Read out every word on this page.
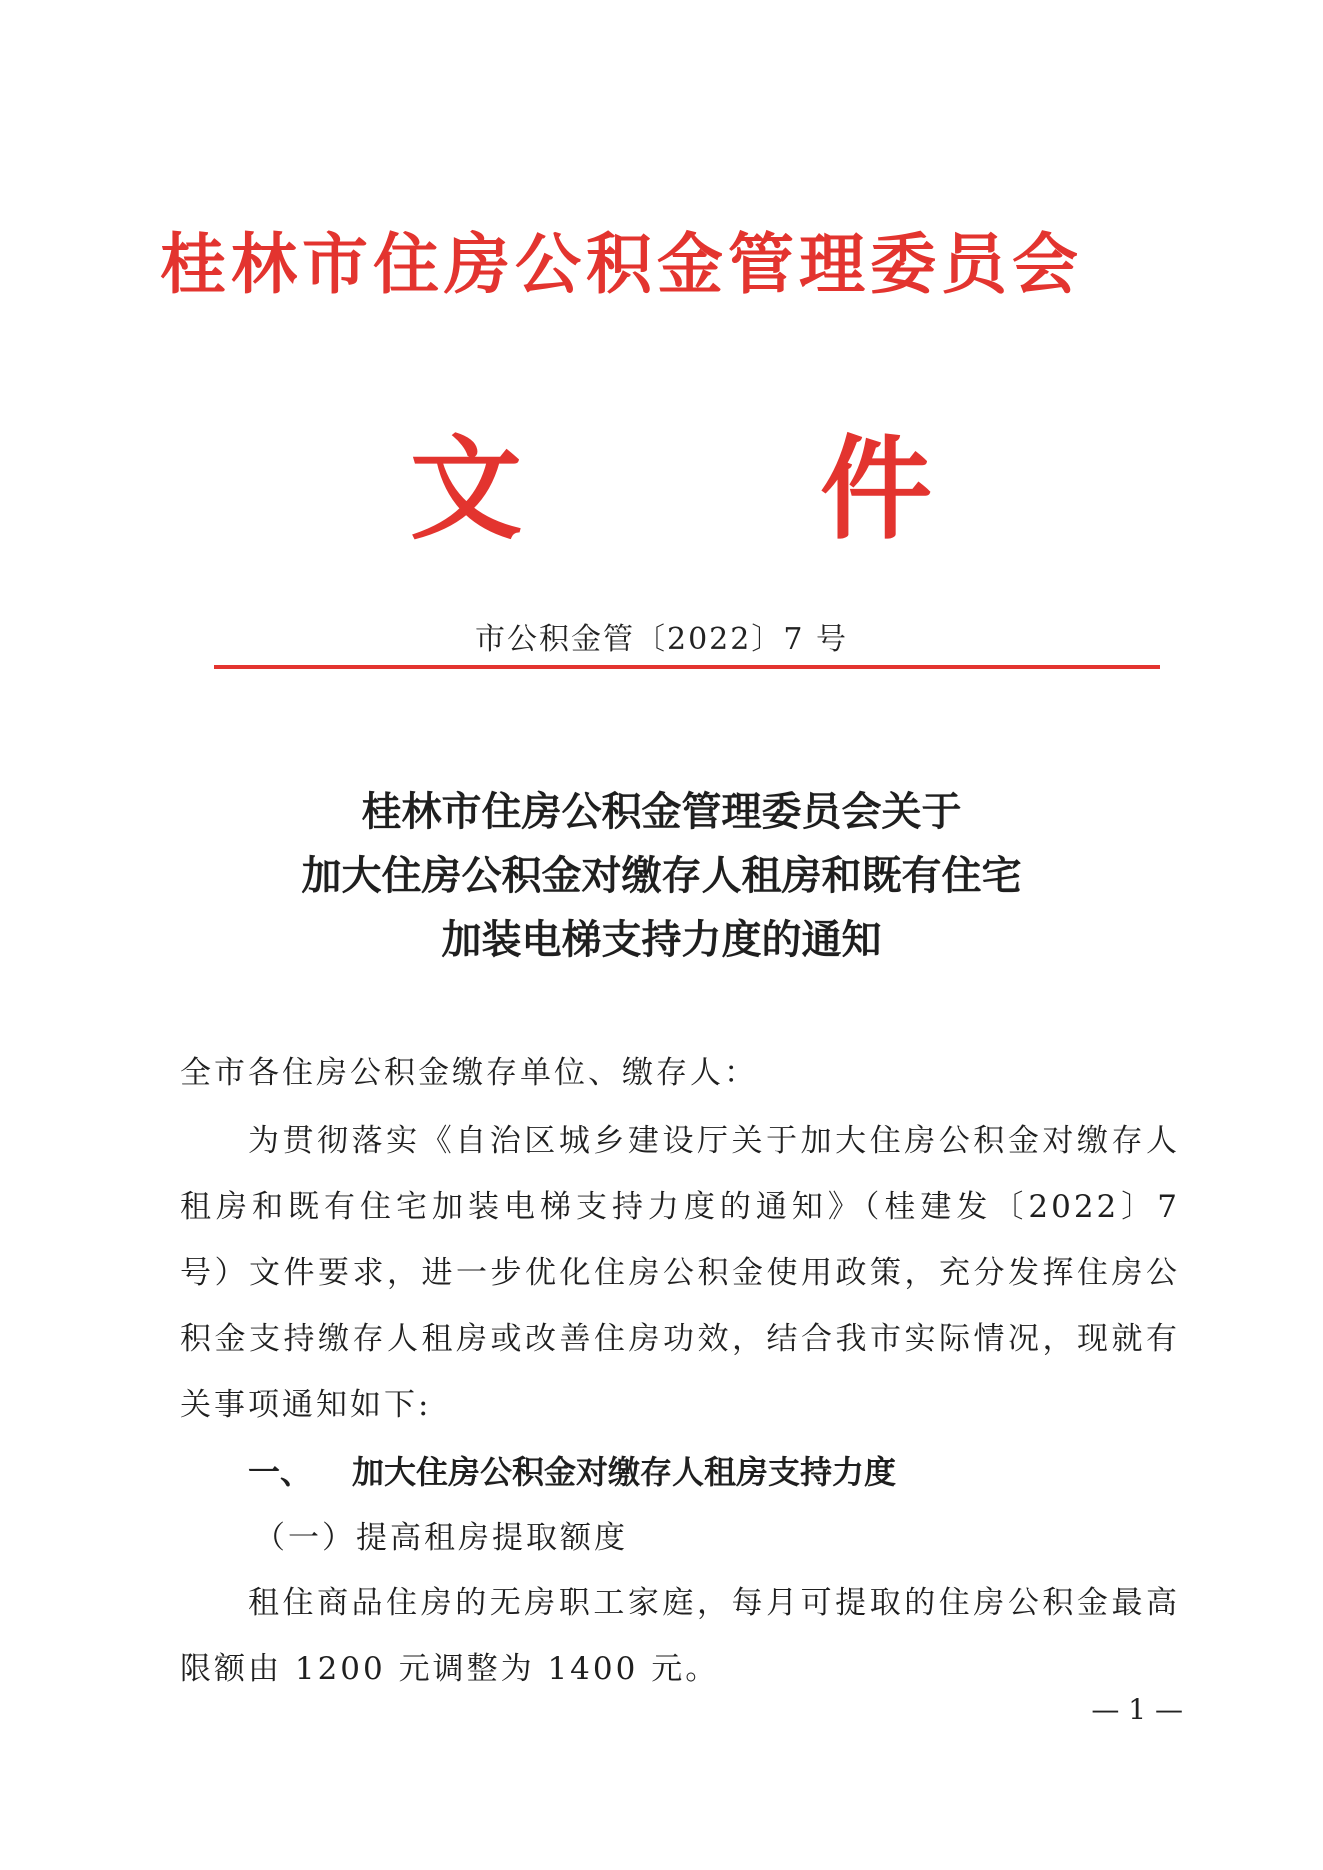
桂林市住房公积金管理委员会
文	件
市公积金管〔2022〕7 号
桂林市住房公积金管理委员会关于
加大住房公积金对缴存人租房和既有住宅
加装电梯支持力度的通知
全市各住房公积金缴存单位、缴存人：
为贯彻落实《自治区城乡建设厅关于加大住房公积金对缴存人租房和既有住宅加装电梯支持力度的通知》（桂建发〔2022〕7号）文件要求，进一步优化住房公积金使用政策，充分发挥住房公积金支持缴存人租房或改善住房功效，结合我市实际情况，现就有关事项通知如下:
一、 加大住房公积金对缴存人租房支持力度
（一）提高租房提取额度
租住商品住房的无房职工家庭，每月可提取的住房公积金最高限额由 1200 元调整为 1400 元。
— 1 —
